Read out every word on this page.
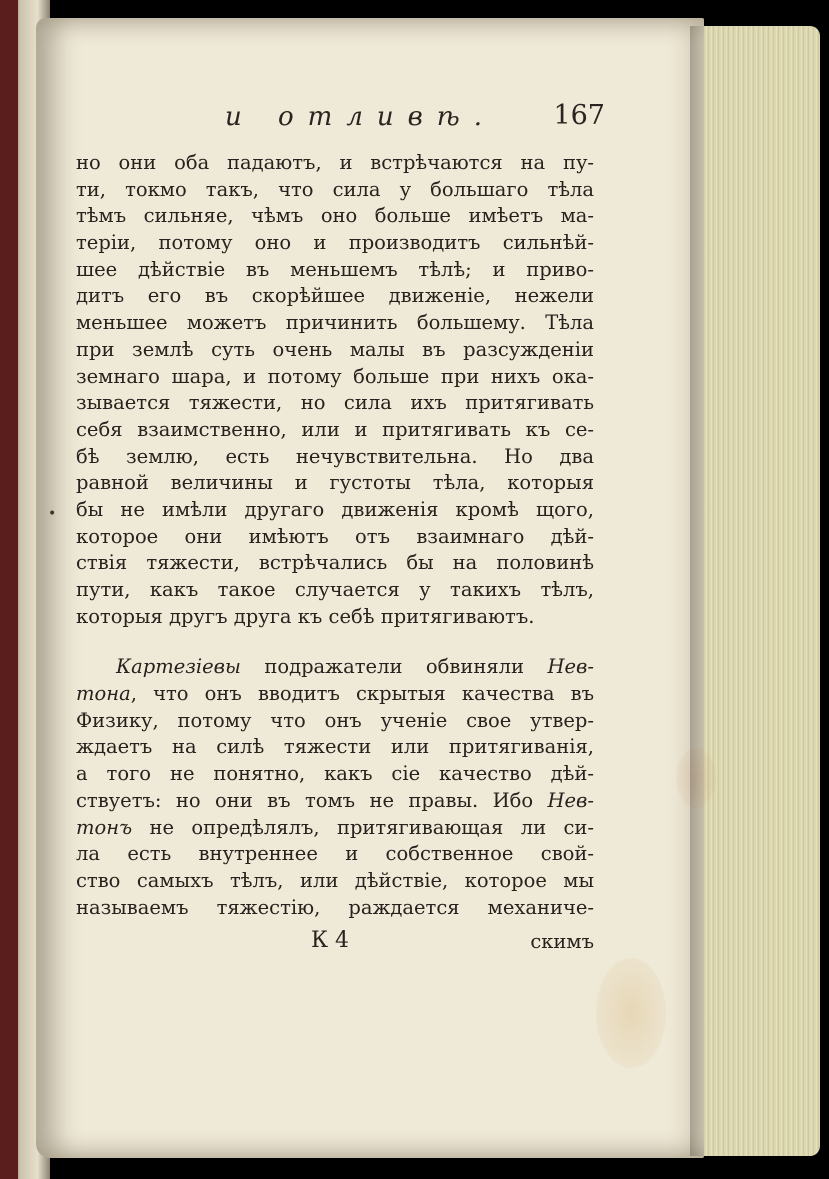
и отливѣ. 167
•
но они оба падаютъ, и встрѣчаются на пу-
ти, токмо такъ, что сила у большаго тѣла
тѣмъ сильняе, чѣмъ оно больше имѣетъ ма-
терiи, потому оно и производитъ сильнѣй-
шее дѣйствiе въ меньшемъ тѣлѣ; и приво-
дитъ его въ скорѣйшее движенiе, нежели
меньшее можетъ причинить большему. Тѣла
при землѣ суть очень малы въ разсужденiи
земнаго шара, и потому больше при нихъ ока-
зывается тяжести, но сила ихъ притягивать
себя взаимственно, или и притягивать къ се-
бѣ землю, есть нечувствительна. Но два
равной величины и густоты тѣла, которыя
бы не имѣли другаго движенiя кромѣ щого,
которое они имѣютъ отъ взаимнаго дѣй-
ствiя тяжести, встрѣчались бы на половинѣ
пути, какъ такое случается у такихъ тѣлъ,
которыя другъ друга къ себѣ притягиваютъ.
Картезiевы подражатели обвиняли Нев-
тона, что онъ вводитъ скрытыя качества въ
Физику, потому что онъ ученiе свое утвер-
ждаетъ на силѣ тяжести или притягиванiя,
а того не понятно, какъ сiе качество дѣй-
ствуетъ: но они въ томъ не правы. Ибо Нев-
тонъ не опредѣлялъ, притягивающая ли си-
ла есть внутреннее и собственное свой-
ство самыхъ тѣлъ, или дѣйствiе, которое мы
называемъ тяжестiю, раждается механиче-
К 4	скимъ
